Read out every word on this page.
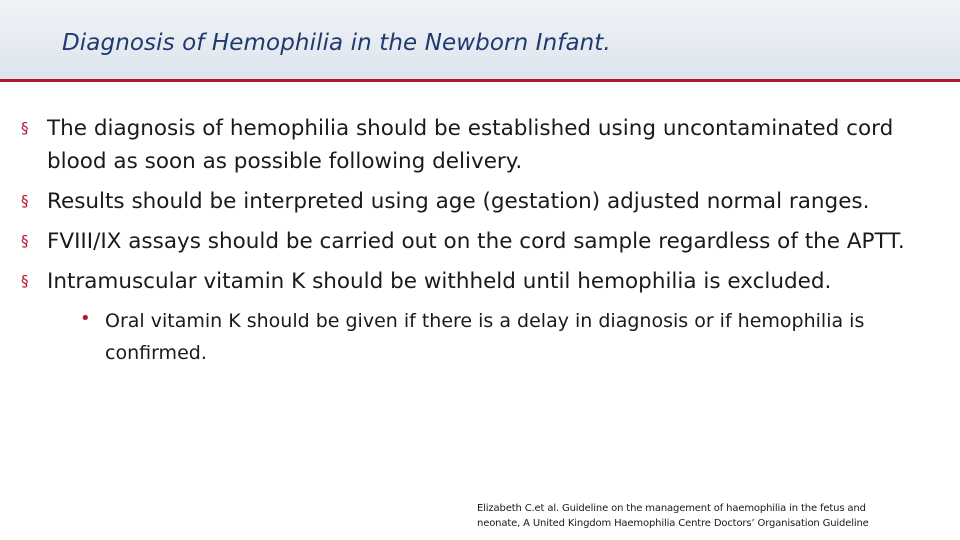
Diagnosis of Hemophilia in the Newborn Infant.
§ The diagnosis of hemophilia should be established using uncontaminated cord blood as soon as possible following delivery.
§ Results should be interpreted using age (gestation) adjusted normal ranges.
§ FVIII/IX assays should be carried out on the cord sample regardless of the APTT.
§ Intramuscular vitamin K should be withheld until hemophilia is excluded.
• Oral vitamin K should be given if there is a delay in diagnosis or if hemophilia is confirmed.
Elizabeth C.et al. Guideline on the management of haemophilia in the fetus and
neonate, A United Kingdom Haemophilia Centre Doctors’ Organisation Guideline
